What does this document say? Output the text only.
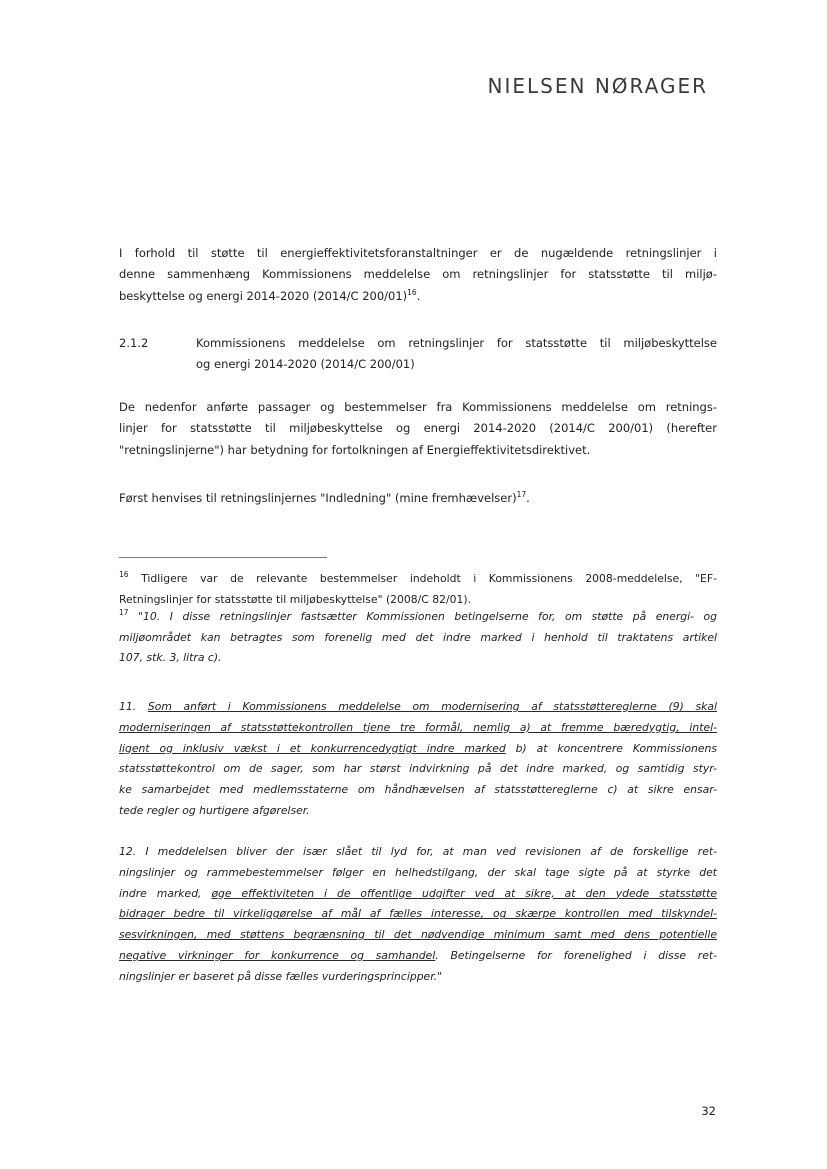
NIELSEN NØRAGER
I forhold til støtte til energieffektivitetsforanstaltninger er de nugældende retningslinjer i
denne sammenhæng Kommissionens meddelelse om retningslinjer for statsstøtte til miljø-
beskyttelse og energi 2014-2020 (2014/C 200/01)$^{16}$.
2.1.2	Kommissionens meddelelse om retningslinjer for statsstøtte til miljøbeskyttelse
og energi 2014-2020 (2014/C 200/01)
De nedenfor anførte passager og bestemmelser fra Kommissionens meddelelse om retnings-
linjer for statsstøtte til miljøbeskyttelse og energi 2014-2020 (2014/C 200/01) (herefter
"retningslinjerne") har betydning for fortolkningen af Energieffektivitetsdirektivet.
Først henvises til retningslinjernes "Indledning" (mine fremhævelser)$^{17}$.
$^{16}$ Tidligere var de relevante bestemmelser indeholdt i Kommissionens 2008-meddelelse, "EF-
Retningslinjer for statsstøtte til miljøbeskyttelse" (2008/C 82/01).
$^{17}$ "10. I disse retningslinjer fastsætter Kommissionen betingelserne for, om støtte på energi- og
miljøområdet kan betragtes som forenelig med det indre marked i henhold til traktatens artikel
107, stk. 3, litra c).
11. Som anført i Kommissionens meddelelse om modernisering af statsstøttereglerne (9) skal
moderniseringen af statsstøttekontrollen tjene tre formål, nemlig a) at fremme bæredygtig, intel-
ligent og inklusiv vækst i et konkurrencedygtigt indre marked b) at koncentrere Kommissionens
statsstøttekontrol om de sager, som har størst indvirkning på det indre marked, og samtidig styr-
ke samarbejdet med medlemsstaterne om håndhævelsen af statsstøttereglerne c) at sikre ensar-
tede regler og hurtigere afgørelser.
12. I meddelelsen bliver der især slået til lyd for, at man ved revisionen af de forskellige ret-
ningslinjer og rammebestemmelser følger en helhedstilgang, der skal tage sigte på at styrke det
indre marked, øge effektiviteten i de offentlige udgifter ved at sikre, at den ydede statsstøtte
bidrager bedre til virkeliggørelse af mål af fælles interesse, og skærpe kontrollen med tilskyndel-
sesvirkningen, med støttens begrænsning til det nødvendige minimum samt med dens potentielle
negative virkninger for konkurrence og samhandel. Betingelserne for forenelighed i disse ret-
ningslinjer er baseret på disse fælles vurderingsprincipper."
32
